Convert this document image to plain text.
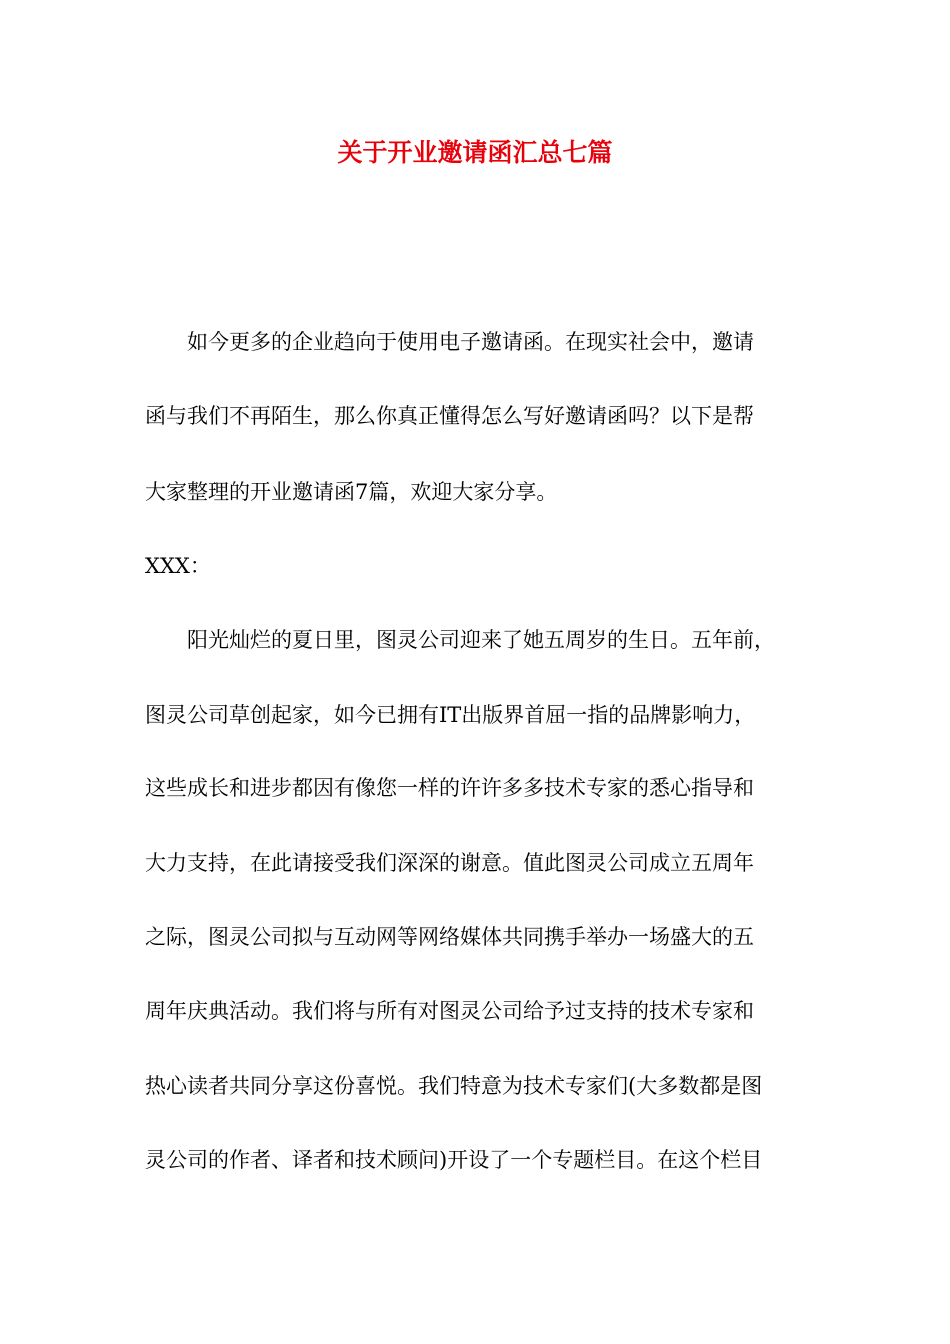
关于开业邀请函汇总七篇
　　如今更多的企业趋向于使用电子邀请函。在现实社会中，邀请
函与我们不再陌生，那么你真正懂得怎么写好邀请函吗？以下是帮
大家整理的开业邀请函7篇，欢迎大家分享。
XXX：
　　阳光灿烂的夏日里，图灵公司迎来了她五周岁的生日。五年前，
图灵公司草创起家，如今已拥有IT出版界首屈一指的品牌影响力，
这些成长和进步都因有像您一样的许许多多技术专家的悉心指导和
大力支持，在此请接受我们深深的谢意。值此图灵公司成立五周年
之际，图灵公司拟与互动网等网络媒体共同携手举办一场盛大的五
周年庆典活动。我们将与所有对图灵公司给予过支持的技术专家和
热心读者共同分享这份喜悦。我们特意为技术专家们(大多数都是图
灵公司的作者、译者和技术顾问)开设了一个专题栏目。在这个栏目
